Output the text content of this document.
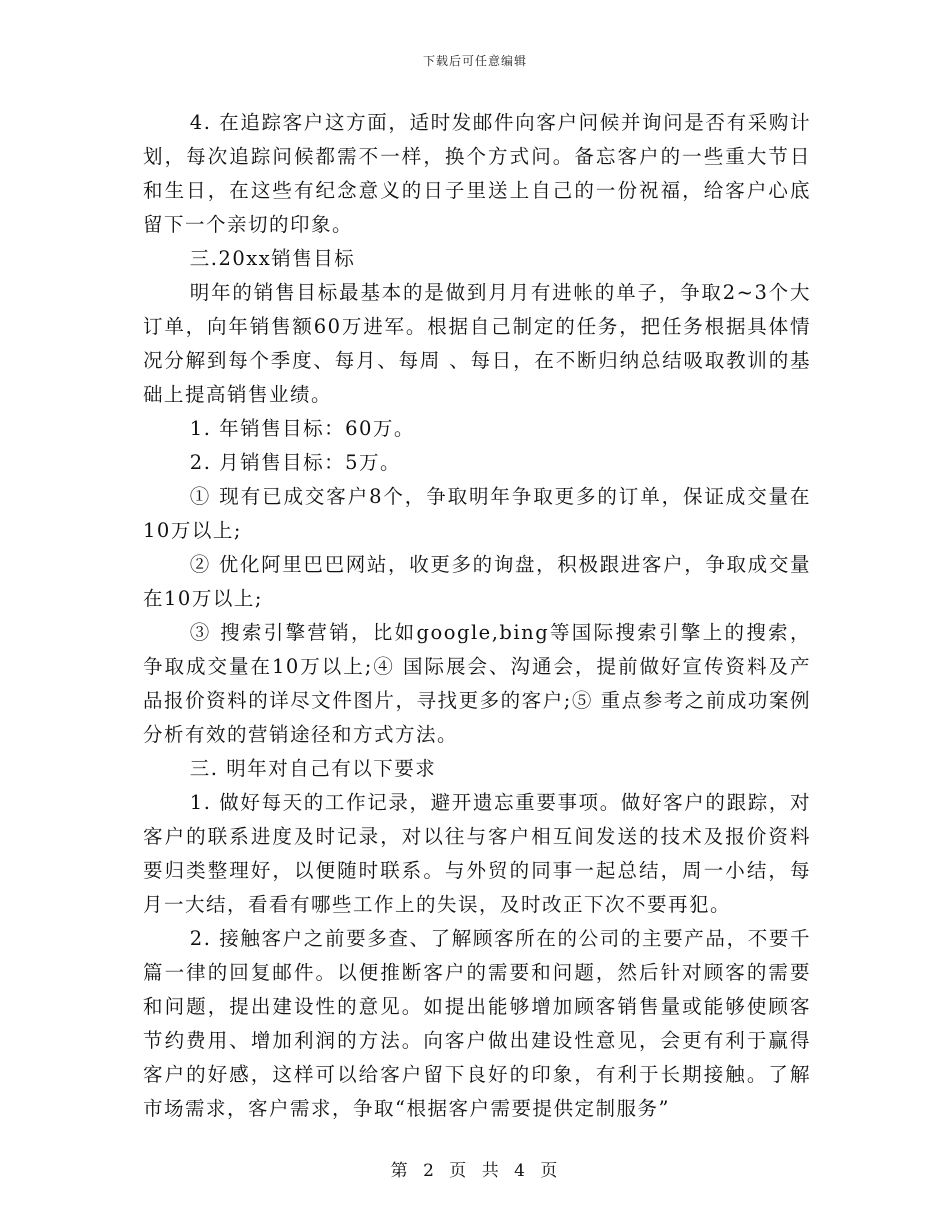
下载后可任意编辑

4. 在追踪客户这方面，适时发邮件向客户问候并询问是否有采购计划，每次追踪问候都需不一样，换个方式问。备忘客户的一些重大节日和生日，在这些有纪念意义的日子里送上自己的一份祝福，给客户心底留下一个亲切的印象。

三.20xx销售目标

明年的销售目标最基本的是做到月月有进帐的单子，争取2~3个大订单，向年销售额60万进军。根据自己制定的任务，把任务根据具体情况分解到每个季度、每月、每周 、每日，在不断归纳总结吸取教训的基础上提高销售业绩。

1. 年销售目标：60万。

2. 月销售目标：5万。

① 现有已成交客户8个，争取明年争取更多的订单，保证成交量在10万以上;

② 优化阿里巴巴网站，收更多的询盘，积极跟进客户，争取成交量在10万以上;

③ 搜索引擎营销，比如google,bing等国际搜索引擎上的搜索，争取成交量在10万以上;④ 国际展会、沟通会，提前做好宣传资料及产品报价资料的详尽文件图片，寻找更多的客户;⑤ 重点参考之前成功案例分析有效的营销途径和方式方法。

三. 明年对自己有以下要求

1. 做好每天的工作记录，避开遗忘重要事项。做好客户的跟踪，对客户的联系进度及时记录，对以往与客户相互间发送的技术及报价资料要归类整理好，以便随时联系。与外贸的同事一起总结，周一小结，每月一大结，看看有哪些工作上的失误，及时改正下次不要再犯。

2. 接触客户之前要多查、了解顾客所在的公司的主要产品，不要千篇一律的回复邮件。以便推断客户的需要和问题，然后针对顾客的需要和问题，提出建设性的意见。如提出能够增加顾客销售量或能够使顾客节约费用、增加利润的方法。向客户做出建设性意见，会更有利于赢得客户的好感，这样可以给客户留下良好的印象，有利于长期接触。了解市场需求，客户需求，争取“根据客户需要提供定制服务”

第 2 页 共 4 页
